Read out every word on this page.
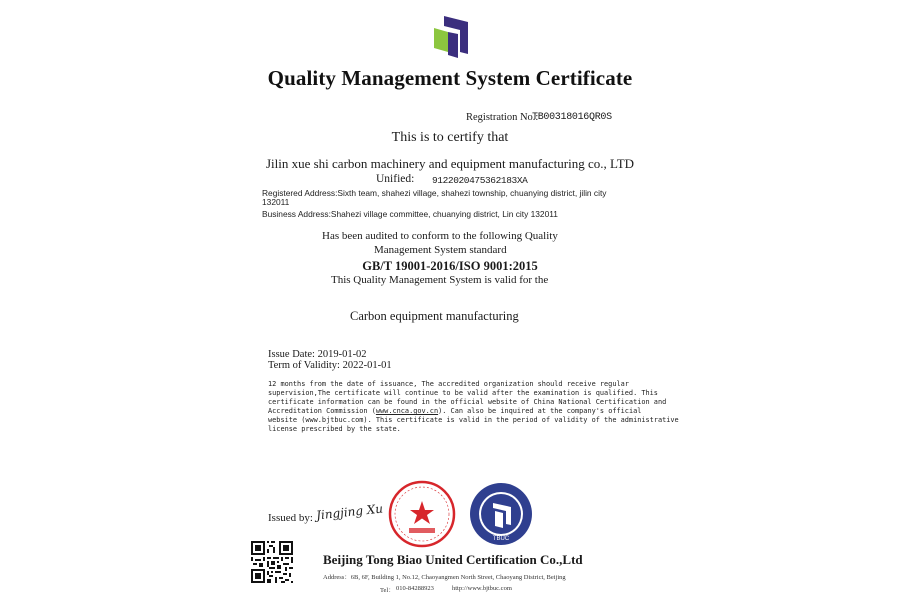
Quality Management System Certificate
Registration No.:
TB00318016QR0S
This is to certify that
Jilin xue shi carbon machinery and equipment manufacturing co., LTD
Unified: 9122020475362183XA
Registered Address:Sixth team, shahezi village, shahezi township, chuanying district, jilin city
132011
Business Address:Shahezi village committee, chuanying district, Lin city 132011
Has been audited to conform to the following Quality
Management System standard
GB/T 19001-2016/ISO 9001:2015
This Quality Management System is valid for the
Carbon equipment manufacturing
Issue Date: 2019-01-02
Term of Validity: 2022-01-01
12 months from the date of issuance, The accredited organization should receive regular
supervision,The certificate will continue to be valid after the examination is qualified. This
certificate information can be found in the official website of China National Certification and
Accreditation Commission (www.cnca.gov.cn). Can also be inquired at the company's official
website (www.bjtbuc.com). This certificate is valid in the period of validity of the administrative
license prescribed by the state.
Issued by: Jingjing Xu
TBUC
Beijing Tong Biao United Certification Co.,Ltd
Address：6B, 6F, Building 1, No.12, Chaoyangmen North Street, Chaoyang District, Beijing
Tel： 010-84288923	http://www.bjtbuc.com
